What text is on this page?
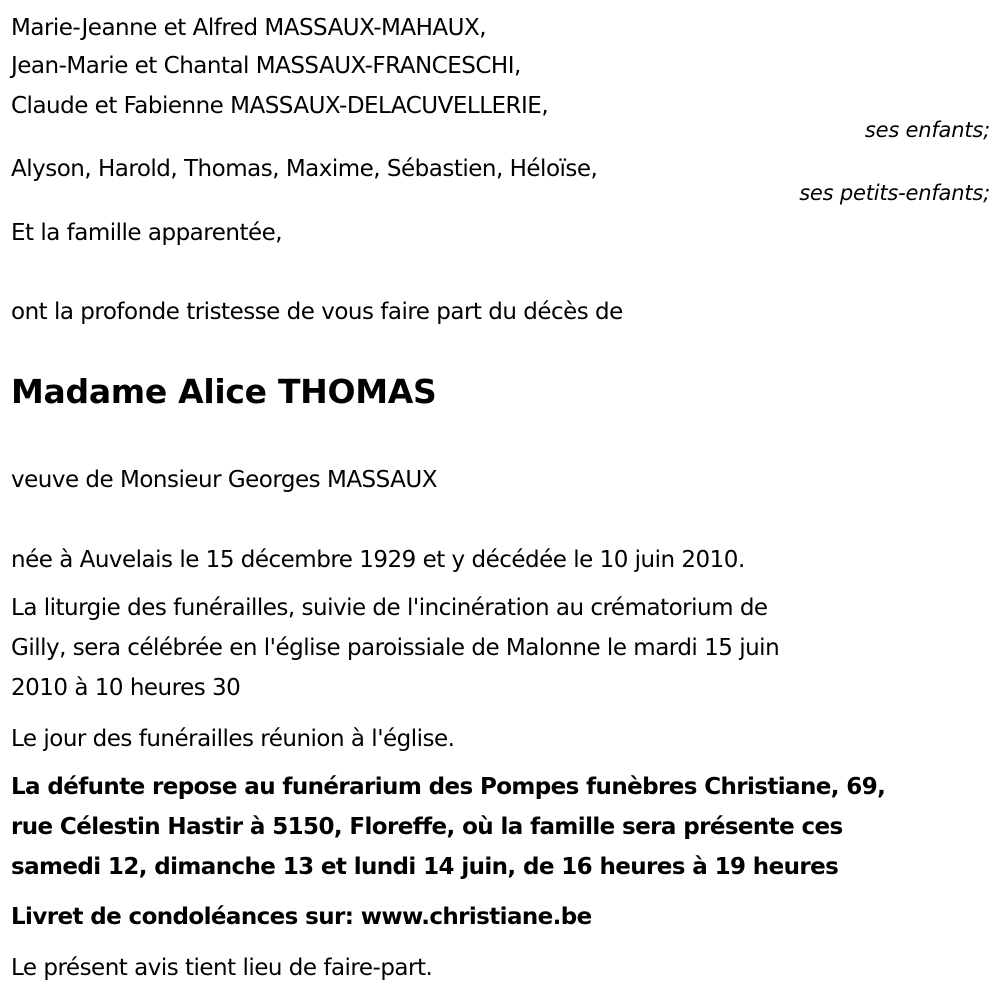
Marie-Jeanne et Alfred MASSAUX-MAHAUX,
Jean-Marie et Chantal MASSAUX-FRANCESCHI,
Claude et Fabienne MASSAUX-DELACUVELLERIE,
ses enfants;
Alyson, Harold, Thomas, Maxime, Sébastien, Héloïse,
ses petits-enfants;
Et la famille apparentée,
ont la profonde tristesse de vous faire part du décès de
Madame Alice THOMAS
veuve de Monsieur Georges MASSAUX
née à Auvelais le 15 décembre 1929 et y décédée le 10 juin 2010.
La liturgie des funérailles, suivie de l'incinération au crématorium de
Gilly, sera célébrée en l'église paroissiale de Malonne le mardi 15 juin
2010 à 10 heures 30
Le jour des funérailles réunion à l'église.
La défunte repose au funérarium des Pompes funèbres Christiane, 69,
rue Célestin Hastir à 5150, Floreffe, où la famille sera présente ces
samedi 12, dimanche 13 et lundi 14 juin, de 16 heures à 19 heures
Livret de condoléances sur: www.christiane.be
Le présent avis tient lieu de faire-part.
